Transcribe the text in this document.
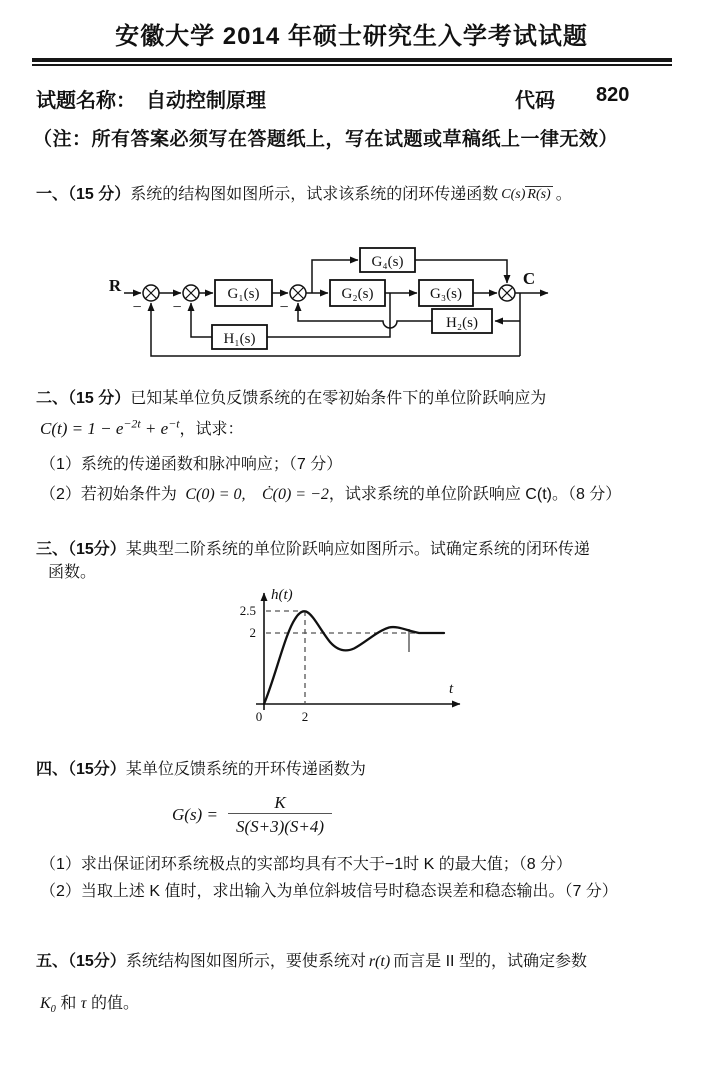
安徽大学 2014 年硕士研究生入学考试试题
试题名称： 自动控制原理	代码 820
（注：所有答案必须写在答题纸上，写在试题或草稿纸上一律无效）
一、（15 分）系统的结构图如图所示，试求该系统的闭环传递函数 C(s) R(s) 。
G₁(s)	G₂(s)	G₃(s)
G₄(s)
H₂(s)
H₁(s)
R	C
− −	−
二、（15 分）已知某单位负反馈系统的在零初始条件下的单位阶跃响应为
$C(t) = 1 - e^{-2t} + e^{-t}$，试求：
（1）系统的传递函数和脉冲响应；（7 分）
（2）若初始条件为 C(0) = 0, Ċ(0) = −2，试求系统的单位阶跃响应 C(t)。（8 分）
三、（15分）某典型二阶系统的单位阶跃响应如图所示。试确定系统的闭环传递
函数。
h(t)
t
2.5
2
0	2
四、（15分）某单位反馈系统的开环传递函数为
$G(s) = \frac{K}{S(S+3)(S+4)}$
（1）求出保证闭环系统极点的实部均具有不大于−1时 K 的最大值；（8 分）
（2）当取上述 K 值时，求出输入为单位斜坡信号时稳态误差和稳态输出。（7 分）
五、（15分）系统结构图如图所示，要使系统对 r(t) 而言是 II 型的，试确定参数
$K_0$ 和 τ 的值。
